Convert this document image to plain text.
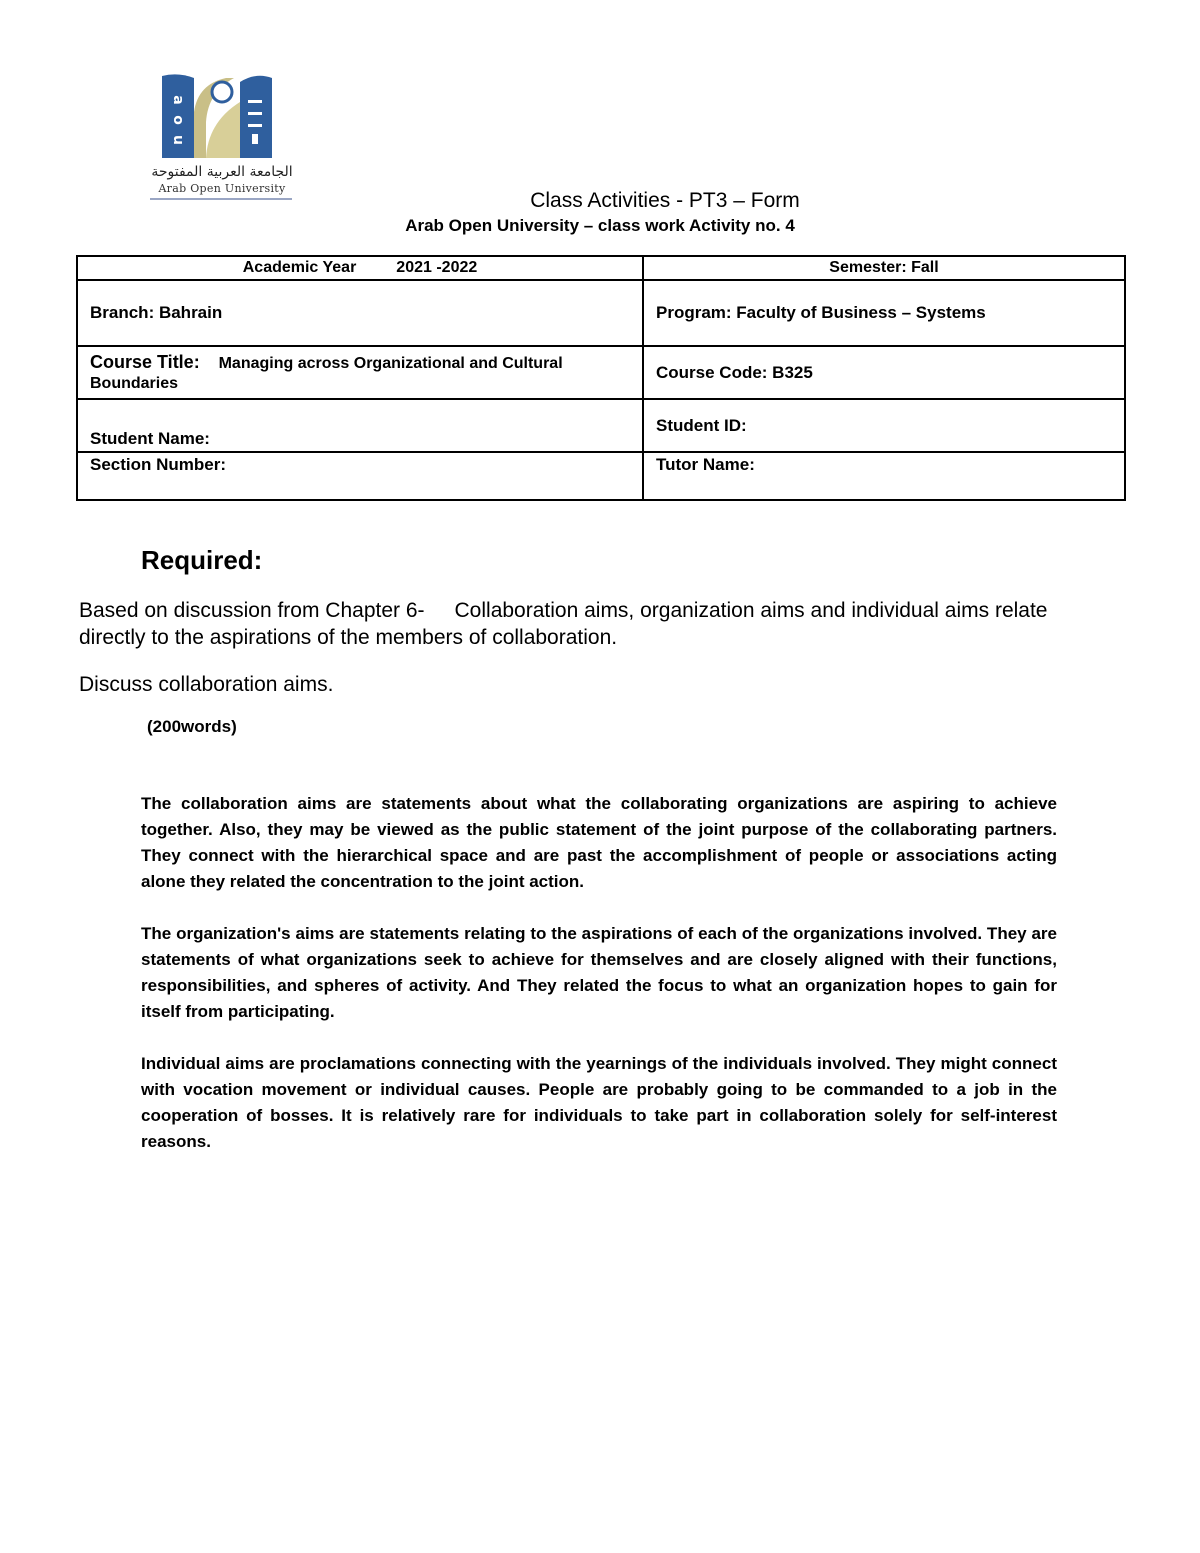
a
o
u
الجامعة العربية المفتوحة
Arab Open University
Class Activities - PT3 – Form
Arab Open University – class work Activity no. 4
Academic Year 2021 -2022	Semester: Fall
Branch: Bahrain	Program: Faculty of Business – Systems
Course Title: Managing across Organizational and Cultural Boundaries	Course Code: B325
Student Name:	Student ID:
Section Number:	Tutor Name:
Required:
Based on discussion from Chapter 6- Collaboration aims, organization aims and individual aims relate directly to the aspirations of the members of collaboration.
Discuss collaboration aims.
(200words)

The collaboration aims are statements about what the collaborating organizations are aspiring to achieve together. Also, they may be viewed as the public statement of the joint purpose of the collaborating partners. They connect with the hierarchical space and are past the accomplishment of people or associations acting alone they related the concentration to the joint action.

The organization's aims are statements relating to the aspirations of each of the organizations involved. They are statements of what organizations seek to achieve for themselves and are closely aligned with their functions, responsibilities, and spheres of activity. And They related the focus to what an organization hopes to gain for itself from participating.

Individual aims are proclamations connecting with the yearnings of the individuals involved. They might connect with vocation movement or individual causes. People are probably going to be commanded to a job in the cooperation of bosses. It is relatively rare for individuals to take part in collaboration solely for self-interest reasons.
